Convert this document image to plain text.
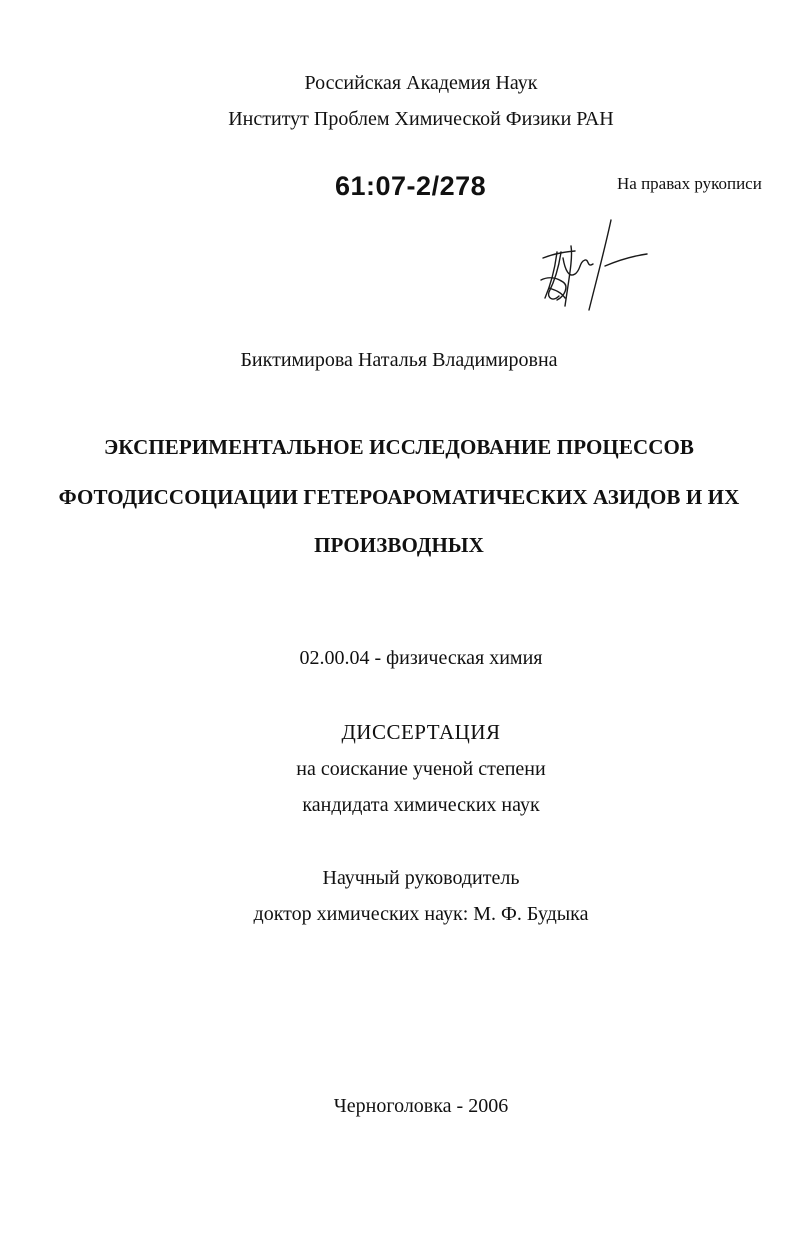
Российская Академия Наук
Институт Проблем Химической Физики РАН
61:07-2/278	На правах рукописи
Биктимирова Наталья Владимировна
ЭКСПЕРИМЕНТАЛЬНОЕ ИССЛЕДОВАНИЕ ПРОЦЕССОВ
ФОТОДИССОЦИАЦИИ ГЕТЕРОАРОМАТИЧЕСКИХ АЗИДОВ И ИХ
ПРОИЗВОДНЫХ
02.00.04 - физическая химия
ДИССЕРТАЦИЯ
на соискание ученой степени
кандидата химических наук
Научный руководитель
доктор химических наук: М. Ф. Будыка
Черноголовка - 2006
